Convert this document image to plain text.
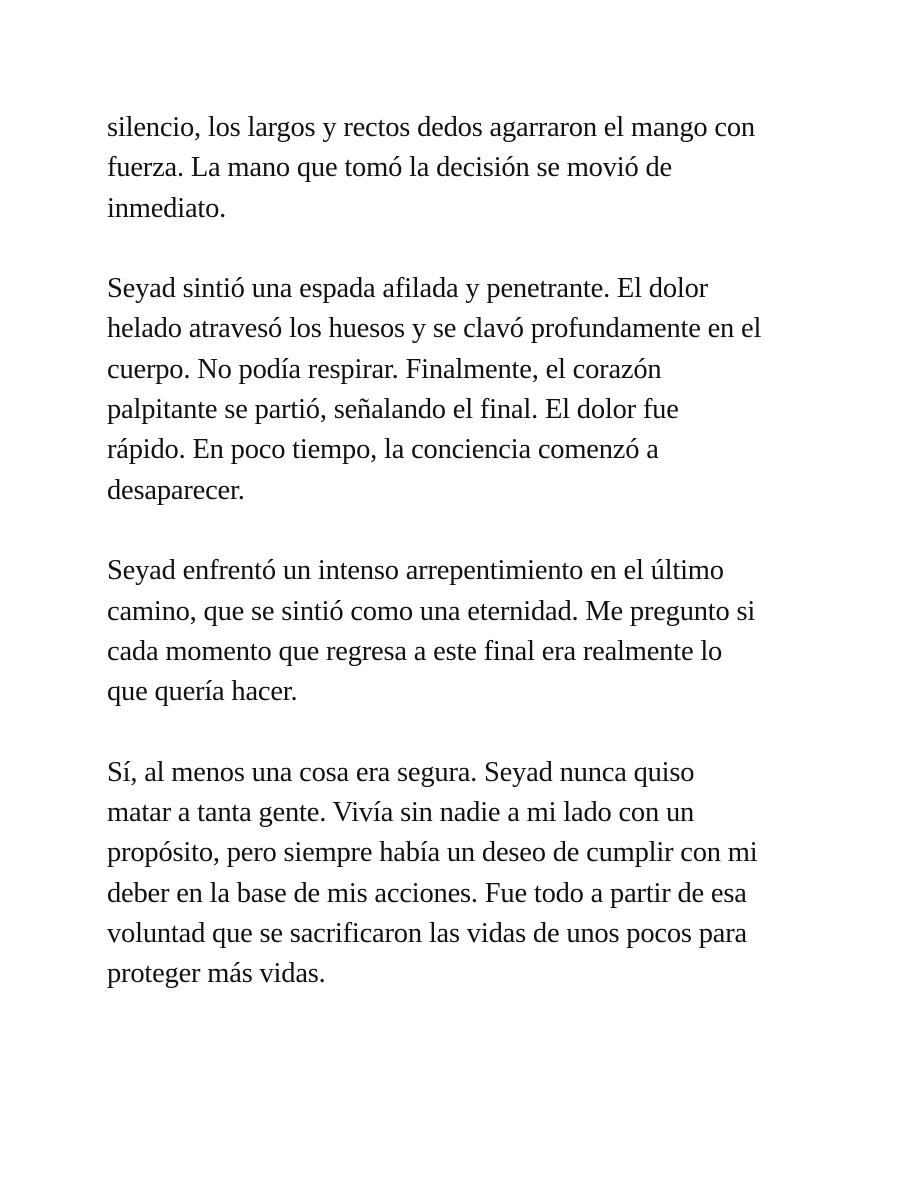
silencio, los largos y rectos dedos agarraron el mango con
fuerza. La mano que tomó la decisión se movió de
inmediato.

Seyad sintió una espada afilada y penetrante. El dolor
helado atravesó los huesos y se clavó profundamente en el
cuerpo. No podía respirar. Finalmente, el corazón
palpitante se partió, señalando el final. El dolor fue
rápido. En poco tiempo, la conciencia comenzó a
desaparecer.

Seyad enfrentó un intenso arrepentimiento en el último
camino, que se sintió como una eternidad. Me pregunto si
cada momento que regresa a este final era realmente lo
que quería hacer.

Sí, al menos una cosa era segura. Seyad nunca quiso
matar a tanta gente. Vivía sin nadie a mi lado con un
propósito, pero siempre había un deseo de cumplir con mi
deber en la base de mis acciones. Fue todo a partir de esa
voluntad que se sacrificaron las vidas de unos pocos para
proteger más vidas.
